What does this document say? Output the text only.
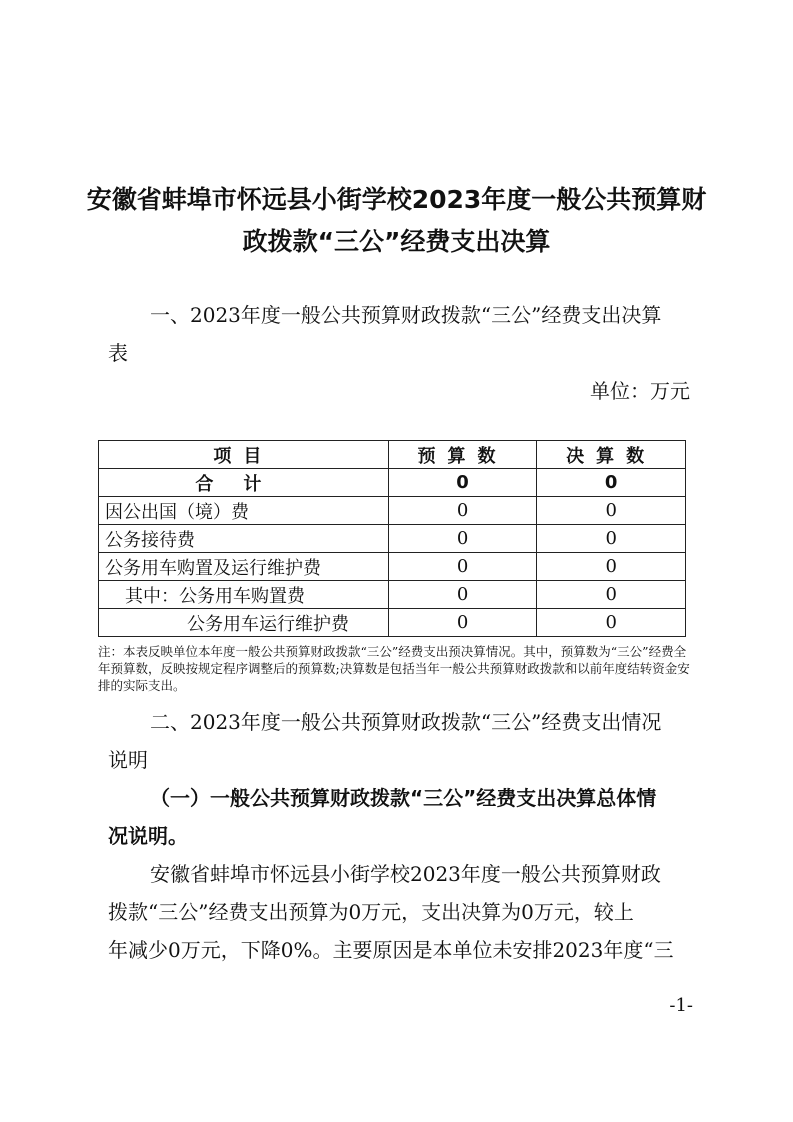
安徽省蚌埠市怀远县小街学校2023年度一般公共预算财
政拨款“三公”经费支出决算
一、2023年度一般公共预算财政拨款“三公”经费支出决算
表
单位：万元
项目	预算数	决算数
合计	0	0
因公出国（境）费	0	0
公务接待费	0	0
公务用车购置及运行维护费	0	0
其中：公务用车购置费	0	0
公务用车运行维护费	0	0
注：本表反映单位本年度一般公共预算财政拨款“三公”经费支出预决算情况。其中，预算数为“三公”经费全年预算数，反映按规定程序调整后的预算数;决算数是包括当年一般公共预算财政拨款和以前年度结转资金安排的实际支出。
二、2023年度一般公共预算财政拨款“三公”经费支出情况
说明
（一）一般公共预算财政拨款“三公”经费支出决算总体情
况说明。
安徽省蚌埠市怀远县小街学校2023年度一般公共预算财政
拨款“三公”经费支出预算为0万元，支出决算为0万元，较上
年减少0万元，下降0%。主要原因是本单位未安排2023年度“三
-1-
